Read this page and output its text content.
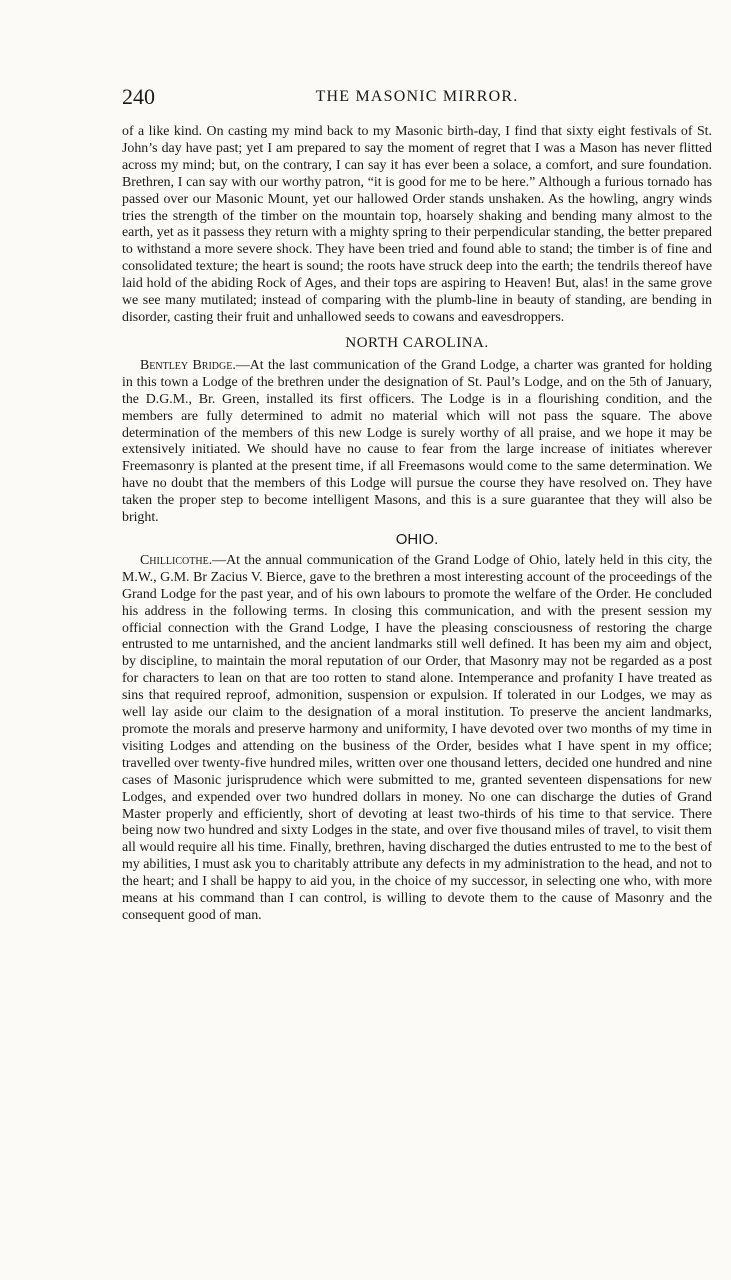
240	THE MASONIC MIRROR.

of a like kind. On casting my mind back to my Masonic birth-day, I find that sixty eight festivals of St. John’s day have past; yet I am prepared to say the moment of regret that I was a Mason has never flitted across my mind; but, on the contrary, I can say it has ever been a solace, a comfort, and sure foundation. Brethren, I can say with our worthy patron, “it is good for me to be here.” Although a furious tornado has passed over our Masonic Mount, yet our hallowed Order stands unshaken. As the howling, angry winds tries the strength of the timber on the mountain top, hoarsely shaking and bending many almost to the earth, yet as it passess they return with a mighty spring to their perpendicular standing, the better prepared to withstand a more severe shock. They have been tried and found able to stand; the timber is of fine and consolidated texture; the heart is sound; the roots have struck deep into the earth; the tendrils thereof have laid hold of the abiding Rock of Ages, and their tops are aspiring to Heaven! But, alas! in the same grove we see many mutilated; instead of comparing with the plumb-line in beauty of standing, are bending in disorder, casting their fruit and unhallowed seeds to cowans and eavesdroppers.

NORTH CAROLINA.

Bentley Bridge.—At the last communication of the Grand Lodge, a charter was granted for holding in this town a Lodge of the brethren under the designation of St. Paul’s Lodge, and on the 5th of January, the D.G.M., Br. Green, installed its first officers. The Lodge is in a flourishing condition, and the members are fully determined to admit no material which will not pass the square. The above determination of the members of this new Lodge is surely worthy of all praise, and we hope it may be extensively initiated. We should have no cause to fear from the large increase of initiates wherever Freemasonry is planted at the present time, if all Freemasons would come to the same determination. We have no doubt that the members of this Lodge will pursue the course they have resolved on. They have taken the proper step to become intelligent Masons, and this is a sure guarantee that they will also be bright.

OHIO.

Chillicothe.—At the annual communication of the Grand Lodge of Ohio, lately held in this city, the M.W., G.M. Br Zacius V. Bierce, gave to the brethren a most interesting account of the proceedings of the Grand Lodge for the past year, and of his own labours to promote the welfare of the Order. He concluded his address in the following terms. In closing this communication, and with the present session my official connection with the Grand Lodge, I have the pleasing consciousness of restoring the charge entrusted to me untarnished, and the ancient landmarks still well defined. It has been my aim and object, by discipline, to maintain the moral reputation of our Order, that Masonry may not be regarded as a post for characters to lean on that are too rotten to stand alone. Intemperance and profanity I have treated as sins that required reproof, admonition, suspension or expulsion. If tolerated in our Lodges, we may as well lay aside our claim to the designation of a moral institution. To preserve the ancient landmarks, promote the morals and preserve harmony and uniformity, I have devoted over two months of my time in visiting Lodges and attending on the business of the Order, besides what I have spent in my office; travelled over twenty-five hundred miles, written over one thousand letters, decided one hundred and nine cases of Masonic jurisprudence which were submitted to me, granted seventeen dispensations for new Lodges, and expended over two hundred dollars in money. No one can discharge the duties of Grand Master properly and efficiently, short of devoting at least two-thirds of his time to that service. There being now two hundred and sixty Lodges in the state, and over five thousand miles of travel, to visit them all would require all his time. Finally, brethren, having discharged the duties entrusted to me to the best of my abilities, I must ask you to charitably attribute any defects in my administration to the head, and not to the heart; and I shall be happy to aid you, in the choice of my successor, in selecting one who, with more means at his command than I can control, is willing to devote them to the cause of Masonry and the consequent good of man.
